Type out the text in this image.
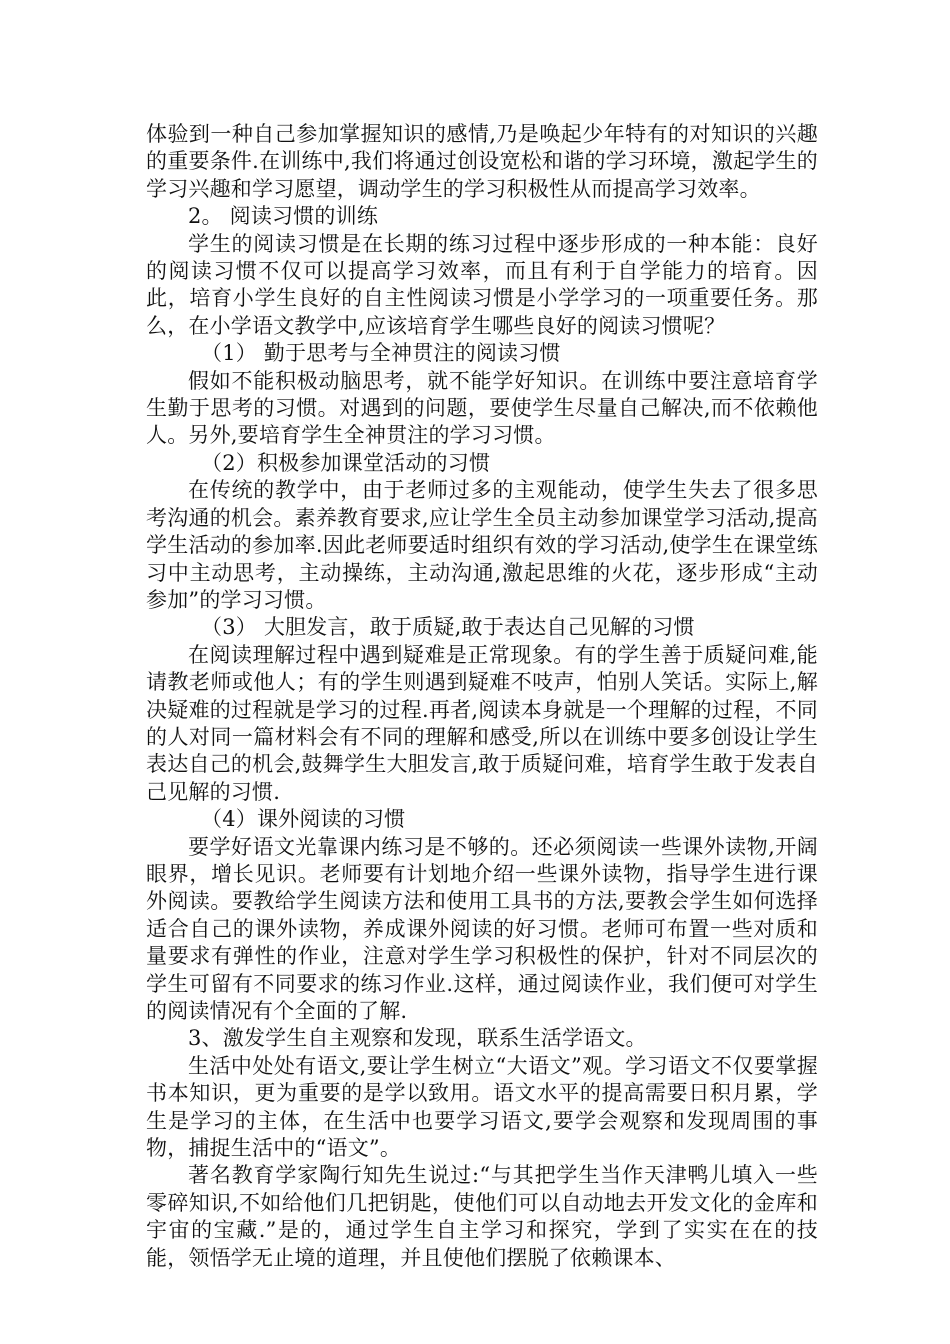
体验到一种自己参加掌握知识的感情,乃是唤起少年特有的对知识的兴趣的重要条件.在训练中,我们将通过创设宽松和谐的学习环境，激起学生的学习兴趣和学习愿望，调动学生的学习积极性从而提高学习效率。

2。 阅读习惯的训练

学生的阅读习惯是在长期的练习过程中逐步形成的一种本能：良好的阅读习惯不仅可以提高学习效率，而且有利于自学能力的培育。因此，培育小学生良好的自主性阅读习惯是小学学习的一项重要任务。那么，在小学语文教学中,应该培育学生哪些良好的阅读习惯呢？

（1） 勤于思考与全神贯注的阅读习惯

假如不能积极动脑思考，就不能学好知识。在训练中要注意培育学生勤于思考的习惯。对遇到的问题，要使学生尽量自己解决,而不依赖他人。另外,要培育学生全神贯注的学习习惯。

（2）积极参加课堂活动的习惯

在传统的教学中，由于老师过多的主观能动，使学生失去了很多思考沟通的机会。素养教育要求,应让学生全员主动参加课堂学习活动,提高学生活动的参加率.因此老师要适时组织有效的学习活动,使学生在课堂练习中主动思考，主动操练，主动沟通,激起思维的火花，逐步形成“主动参加”的学习习惯。

（3） 大胆发言，敢于质疑,敢于表达自己见解的习惯

在阅读理解过程中遇到疑难是正常现象。有的学生善于质疑问难,能请教老师或他人；有的学生则遇到疑难不吱声，怕别人笑话。实际上,解决疑难的过程就是学习的过程.再者,阅读本身就是一个理解的过程，不同的人对同一篇材料会有不同的理解和感受,所以在训练中要多创设让学生表达自己的机会,鼓舞学生大胆发言,敢于质疑问难，培育学生敢于发表自己见解的习惯.

（4）课外阅读的习惯

要学好语文光靠课内练习是不够的。还必须阅读一些课外读物,开阔眼界，增长见识。老师要有计划地介绍一些课外读物，指导学生进行课外阅读。要教给学生阅读方法和使用工具书的方法,要教会学生如何选择适合自己的课外读物，养成课外阅读的好习惯。老师可布置一些对质和量要求有弹性的作业，注意对学生学习积极性的保护，针对不同层次的学生可留有不同要求的练习作业.这样，通过阅读作业，我们便可对学生的阅读情况有个全面的了解.

3、激发学生自主观察和发现，联系生活学语文。

生活中处处有语文,要让学生树立“大语文”观。学习语文不仅要掌握书本知识，更为重要的是学以致用。语文水平的提高需要日积月累，学生是学习的主体，在生活中也要学习语文,要学会观察和发现周围的事物，捕捉生活中的“语文”。

著名教育学家陶行知先生说过:“与其把学生当作天津鸭儿填入一些零碎知识,不如给他们几把钥匙，使他们可以自动地去开发文化的金库和宇宙的宝藏.”是的，通过学生自主学习和探究，学到了实实在在的技能，领悟学无止境的道理，并且使他们摆脱了依赖课本、
